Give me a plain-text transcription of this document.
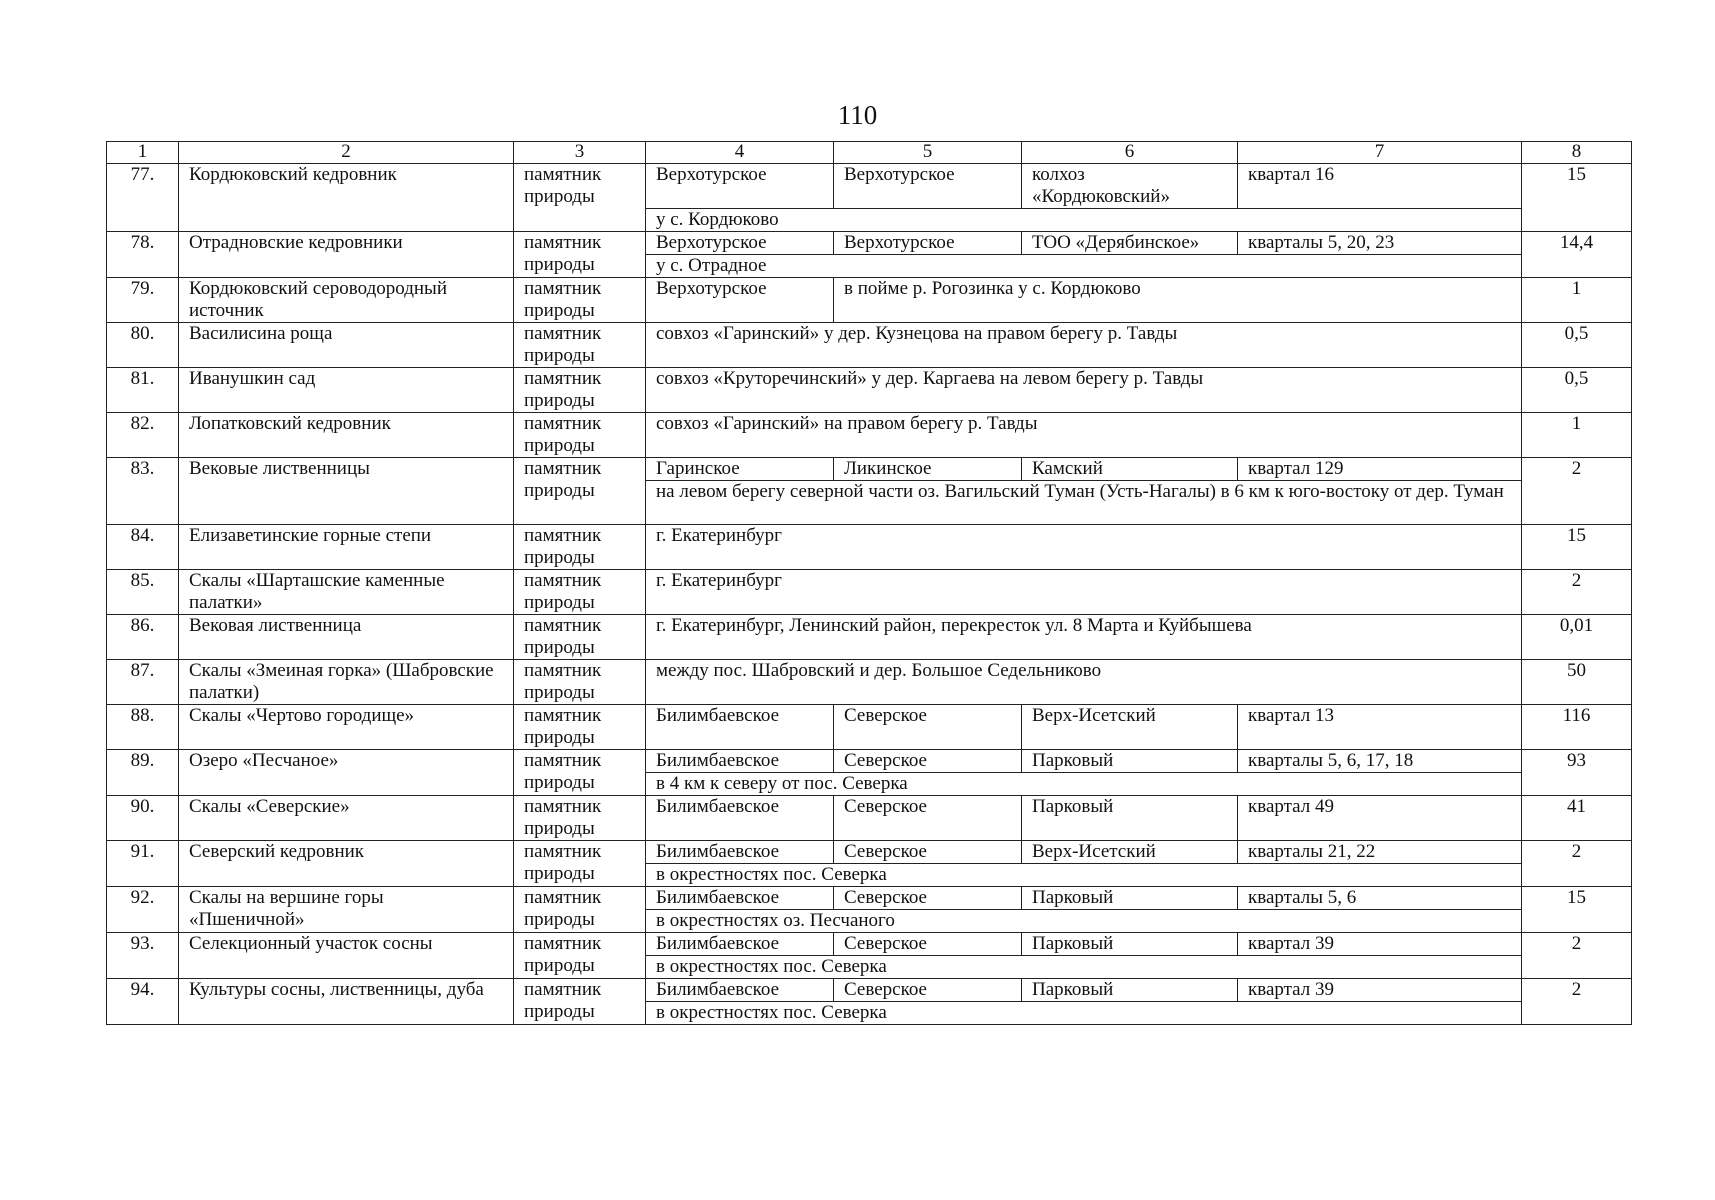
110
1	2	3	4	5	6	7	8
77.	Кордюковский кедровник	памятник природы	Верхотурское	Верхотурское	колхоз «Кордюковский»	квартал 16	15
			у с. Кордюково				
78.	Отрадновские кедровники	памятник природы	Верхотурское	Верхотурское	ТОО «Дерябинское»	кварталы 5, 20, 23	14,4
			у с. Отрадное				
79.	Кордюковский сероводородный источник	памятник природы	Верхотурское	в пойме р. Рогозинка у с. Кордюково			1
80.	Василисина роща	памятник природы	совхоз «Гаринский» у дер. Кузнецова на правом берегу р. Тавды				0,5
81.	Иванушкин сад	памятник природы	совхоз «Круторечинский» у дер. Каргаева на левом берегу р. Тавды				0,5
82.	Лопатковский кедровник	памятник природы	совхоз «Гаринский» на правом берегу р. Тавды				1
83.	Вековые лиственницы	памятник природы	Гаринское	Ликинское	Камский	квартал 129	2
			на левом берегу северной части оз. Вагильский Туман (Усть-Нагалы) в 6 км к юго-востоку от дер. Туман				
84.	Елизаветинские горные степи	памятник природы	г. Екатеринбург				15
85.	Скалы «Шарташские каменные палатки»	памятник природы	г. Екатеринбург				2
86.	Вековая лиственница	памятник природы	г. Екатеринбург, Ленинский район, перекресток ул. 8 Марта и Куйбышева				0,01
87.	Скалы «Змеиная горка» (Шабровские палатки)	памятник природы	между пос. Шабровский и дер. Большое Седельниково				50
88.	Скалы «Чертово городище»	памятник природы	Билимбаевское	Северское	Верх-Исетский	квартал 13	116
89.	Озеро «Песчаное»	памятник природы	Билимбаевское	Северское	Парковый	кварталы 5, 6, 17, 18	93
			в 4 км к северу от пос. Северка				
90.	Скалы «Северские»	памятник природы	Билимбаевское	Северское	Парковый	квартал 49	41
91.	Северский кедровник	памятник природы	Билимбаевское	Северское	Верх-Исетский	кварталы 21, 22	2
			в окрестностях пос. Северка				
92.	Скалы на вершине горы «Пшеничной»	памятник природы	Билимбаевское	Северское	Парковый	кварталы 5, 6	15
			в окрестностях оз. Песчаного				
93.	Селекционный участок сосны	памятник природы	Билимбаевское	Северское	Парковый	квартал 39	2
			в окрестностях пос. Северка				
94.	Культуры сосны, лиственницы, дуба	памятник природы	Билимбаевское	Северское	Парковый	квартал 39	2
			в окрестностях пос. Северка				
